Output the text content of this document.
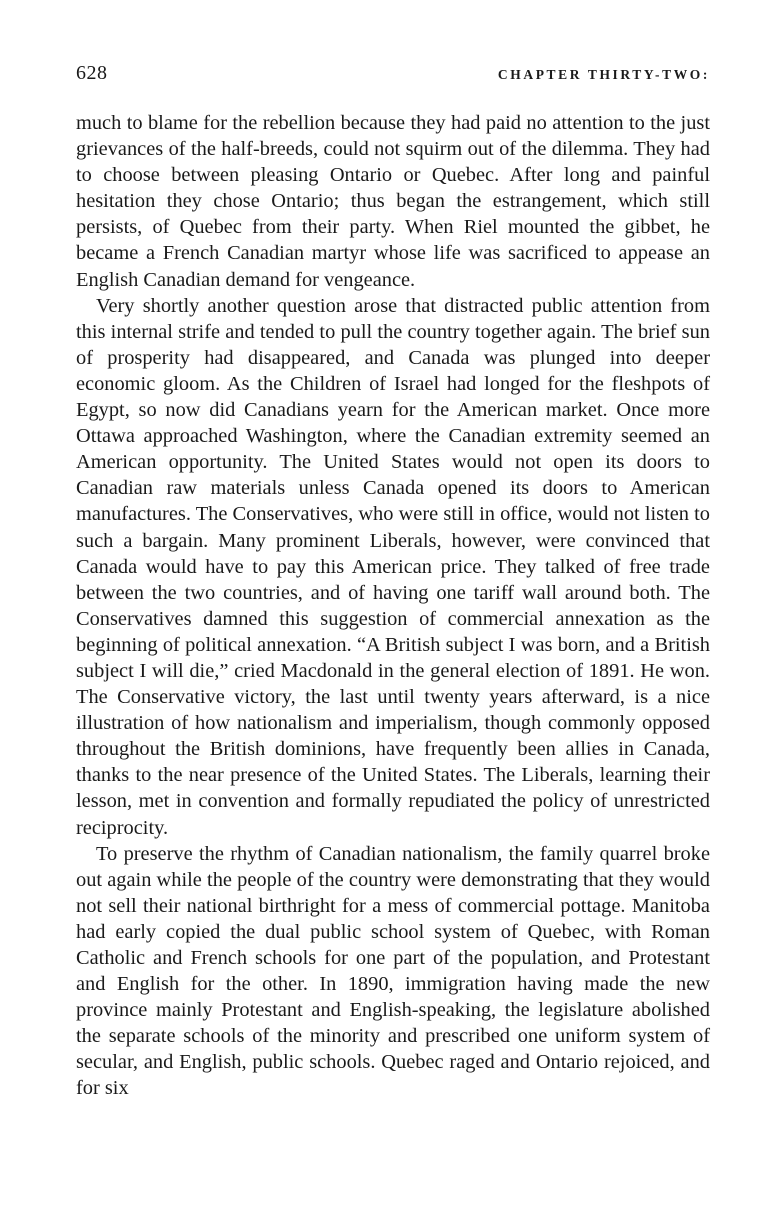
628	CHAPTER THIRTY-TWO:

much to blame for the rebellion because they had paid no attention to the just grievances of the half-breeds, could not squirm out of the dilemma. They had to choose between pleasing Ontario or Quebec. After long and painful hesitation they chose Ontario; thus began the estrangement, which still persists, of Quebec from their party. When Riel mounted the gibbet, he became a French Canadian martyr whose life was sacrificed to appease an English Canadian demand for vengeance.

Very shortly another question arose that distracted public attention from this internal strife and tended to pull the country together again. The brief sun of prosperity had disappeared, and Canada was plunged into deeper economic gloom. As the Children of Israel had longed for the fleshpots of Egypt, so now did Canadians yearn for the American market. Once more Ottawa approached Washington, where the Canadian extremity seemed an American opportunity. The United States would not open its doors to Canadian raw materials unless Canada opened its doors to American manufactures. The Conservatives, who were still in office, would not listen to such a bargain. Many prominent Liberals, however, were convinced that Canada would have to pay this American price. They talked of free trade between the two countries, and of having one tariff wall around both. The Conservatives damned this suggestion of commercial annexation as the beginning of political annexation. “A British subject I was born, and a British subject I will die,” cried Macdonald in the general election of 1891. He won. The Conservative victory, the last until twenty years afterward, is a nice illustration of how nationalism and imperialism, though commonly opposed throughout the British dominions, have frequently been allies in Canada, thanks to the near presence of the United States. The Liberals, learning their lesson, met in convention and formally repudiated the policy of unrestricted reciprocity.

To preserve the rhythm of Canadian nationalism, the family quarrel broke out again while the people of the country were demonstrating that they would not sell their national birthright for a mess of commercial pottage. Manitoba had early copied the dual public school system of Quebec, with Roman Catholic and French schools for one part of the population, and Protestant and English for the other. In 1890, immigration having made the new province mainly Protestant and English-speaking, the legislature abolished the separate schools of the minority and prescribed one uniform system of secular, and English, public schools. Quebec raged and Ontario rejoiced, and for six
